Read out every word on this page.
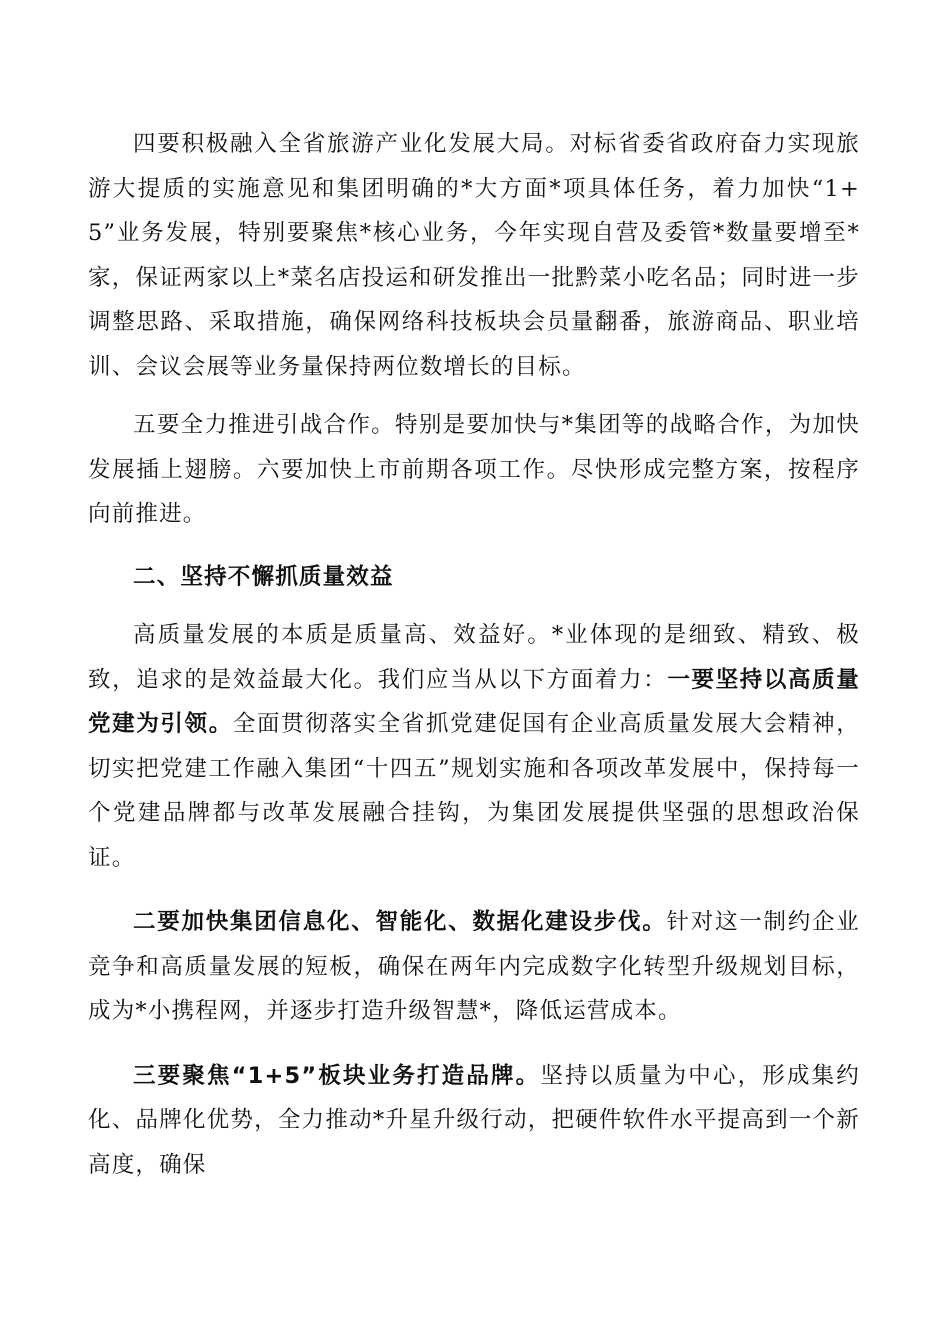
四要积极融入全省旅游产业化发展大局。对标省委省政府奋力实现旅游大提质的实施意见和集团明确的*大方面*项具体任务，着力加快“1+5”业务发展，特别要聚焦*核心业务，今年实现自营及委管*数量要增至*家，保证两家以上*菜名店投运和研发推出一批黔菜小吃名品；同时进一步调整思路、采取措施，确保网络科技板块会员量翻番，旅游商品、职业培训、会议会展等业务量保持两位数增长的目标。

五要全力推进引战合作。特别是要加快与*集团等的战略合作，为加快发展插上翅膀。六要加快上市前期各项工作。尽快形成完整方案，按程序向前推进。

二、坚持不懈抓质量效益

高质量发展的本质是质量高、效益好。*业体现的是细致、精致、极致，追求的是效益最大化。我们应当从以下方面着力：一要坚持以高质量党建为引领。全面贯彻落实全省抓党建促国有企业高质量发展大会精神，切实把党建工作融入集团“十四五”规划实施和各项改革发展中，保持每一个党建品牌都与改革发展融合挂钩，为集团发展提供坚强的思想政治保证。

二要加快集团信息化、智能化、数据化建设步伐。针对这一制约企业竞争和高质量发展的短板，确保在两年内完成数字化转型升级规划目标，成为*小携程网，并逐步打造升级智慧*，降低运营成本。

三要聚焦“1+5”板块业务打造品牌。坚持以质量为中心，形成集约化、品牌化优势，全力推动*升星升级行动，把硬件软件水平提高到一个新高度，确保
